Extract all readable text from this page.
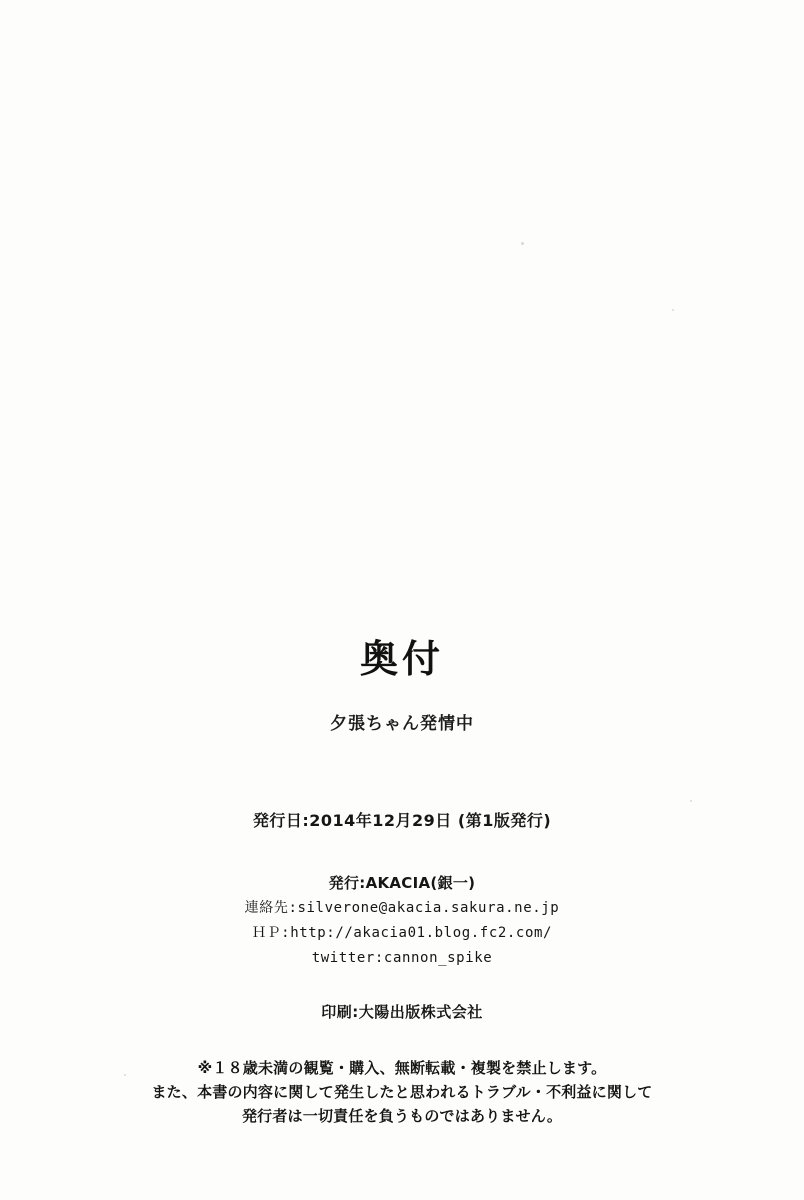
奥付
夕張ちゃん発情中
発行日:2014年12月29日 (第1版発行)
発行:AKACIA(銀一)
連絡先:silverone@akacia.sakura.ne.jp
ＨＰ:http://akacia01.blog.fc2.com/
twitter:cannon_spike
印刷:大陽出版株式会社
※１８歳未満の観覧・購入、無断転載・複製を禁止します。
また、本書の内容に関して発生したと思われるトラブル・不利益に関して
発行者は一切責任を負うものではありません。
